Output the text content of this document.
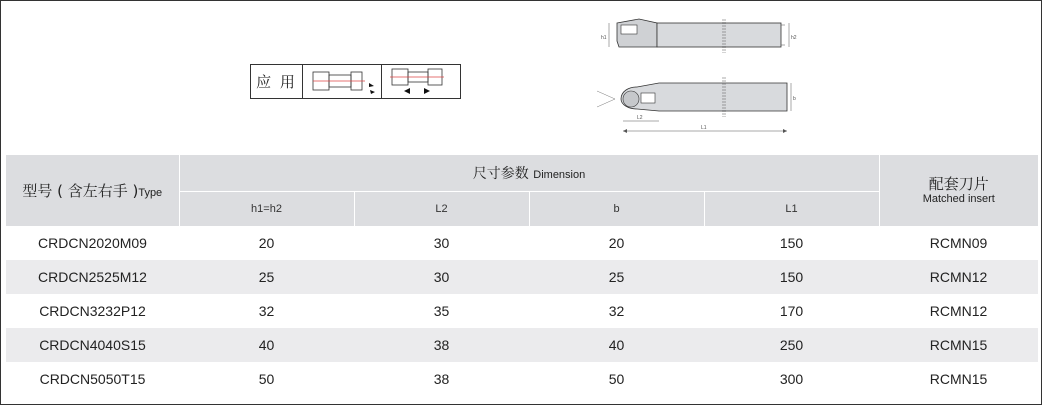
应 用
h1	h2
b
L2
L1
型号 ( 含左右手 )Type	尺寸参数 Dimension				配套刀片
Matched insert

	h1=h2	L2	b	L1	
CRDCN2020M09	20	30	20	150	RCMN09
CRDCN2525M12	25	30	25	150	RCMN12
CRDCN3232P12	32	35	32	170	RCMN12
CRDCN4040S15	40	38	40	250	RCMN15
CRDCN5050T15	50	38	50	300	RCMN15
